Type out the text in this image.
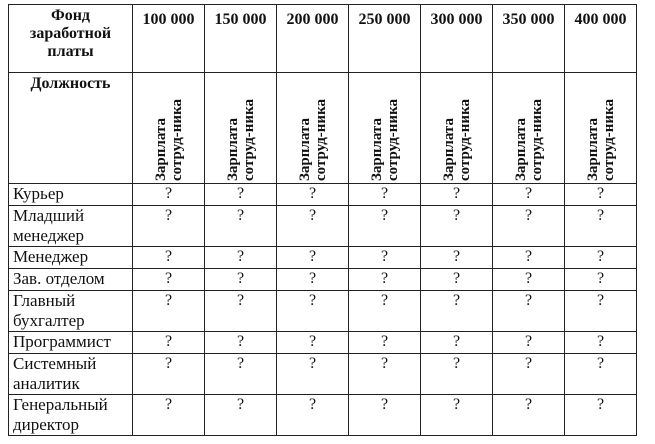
Фонд заработной платы	100 000	150 000	200 000	250 000	300 000	350 000	400 000
Должность	Зарплата сотруд-ника	Зарплата сотруд-ника	Зарплата сотруд-ника	Зарплата сотруд-ника	Зарплата сотруд-ника	Зарплата сотруд-ника	Зарплата сотруд-ника

Курьер	?	?	?	?	?	?	?
Младший менеджер	?	?	?	?	?	?	?
Менеджер	?	?	?	?	?	?	?
Зав. отделом	?	?	?	?	?	?	?
Главный бухгалтер	?	?	?	?	?	?	?
Программист	?	?	?	?	?	?	?
Системный аналитик	?	?	?	?	?	?	?
Генеральный директор	?	?	?	?	?	?	?
